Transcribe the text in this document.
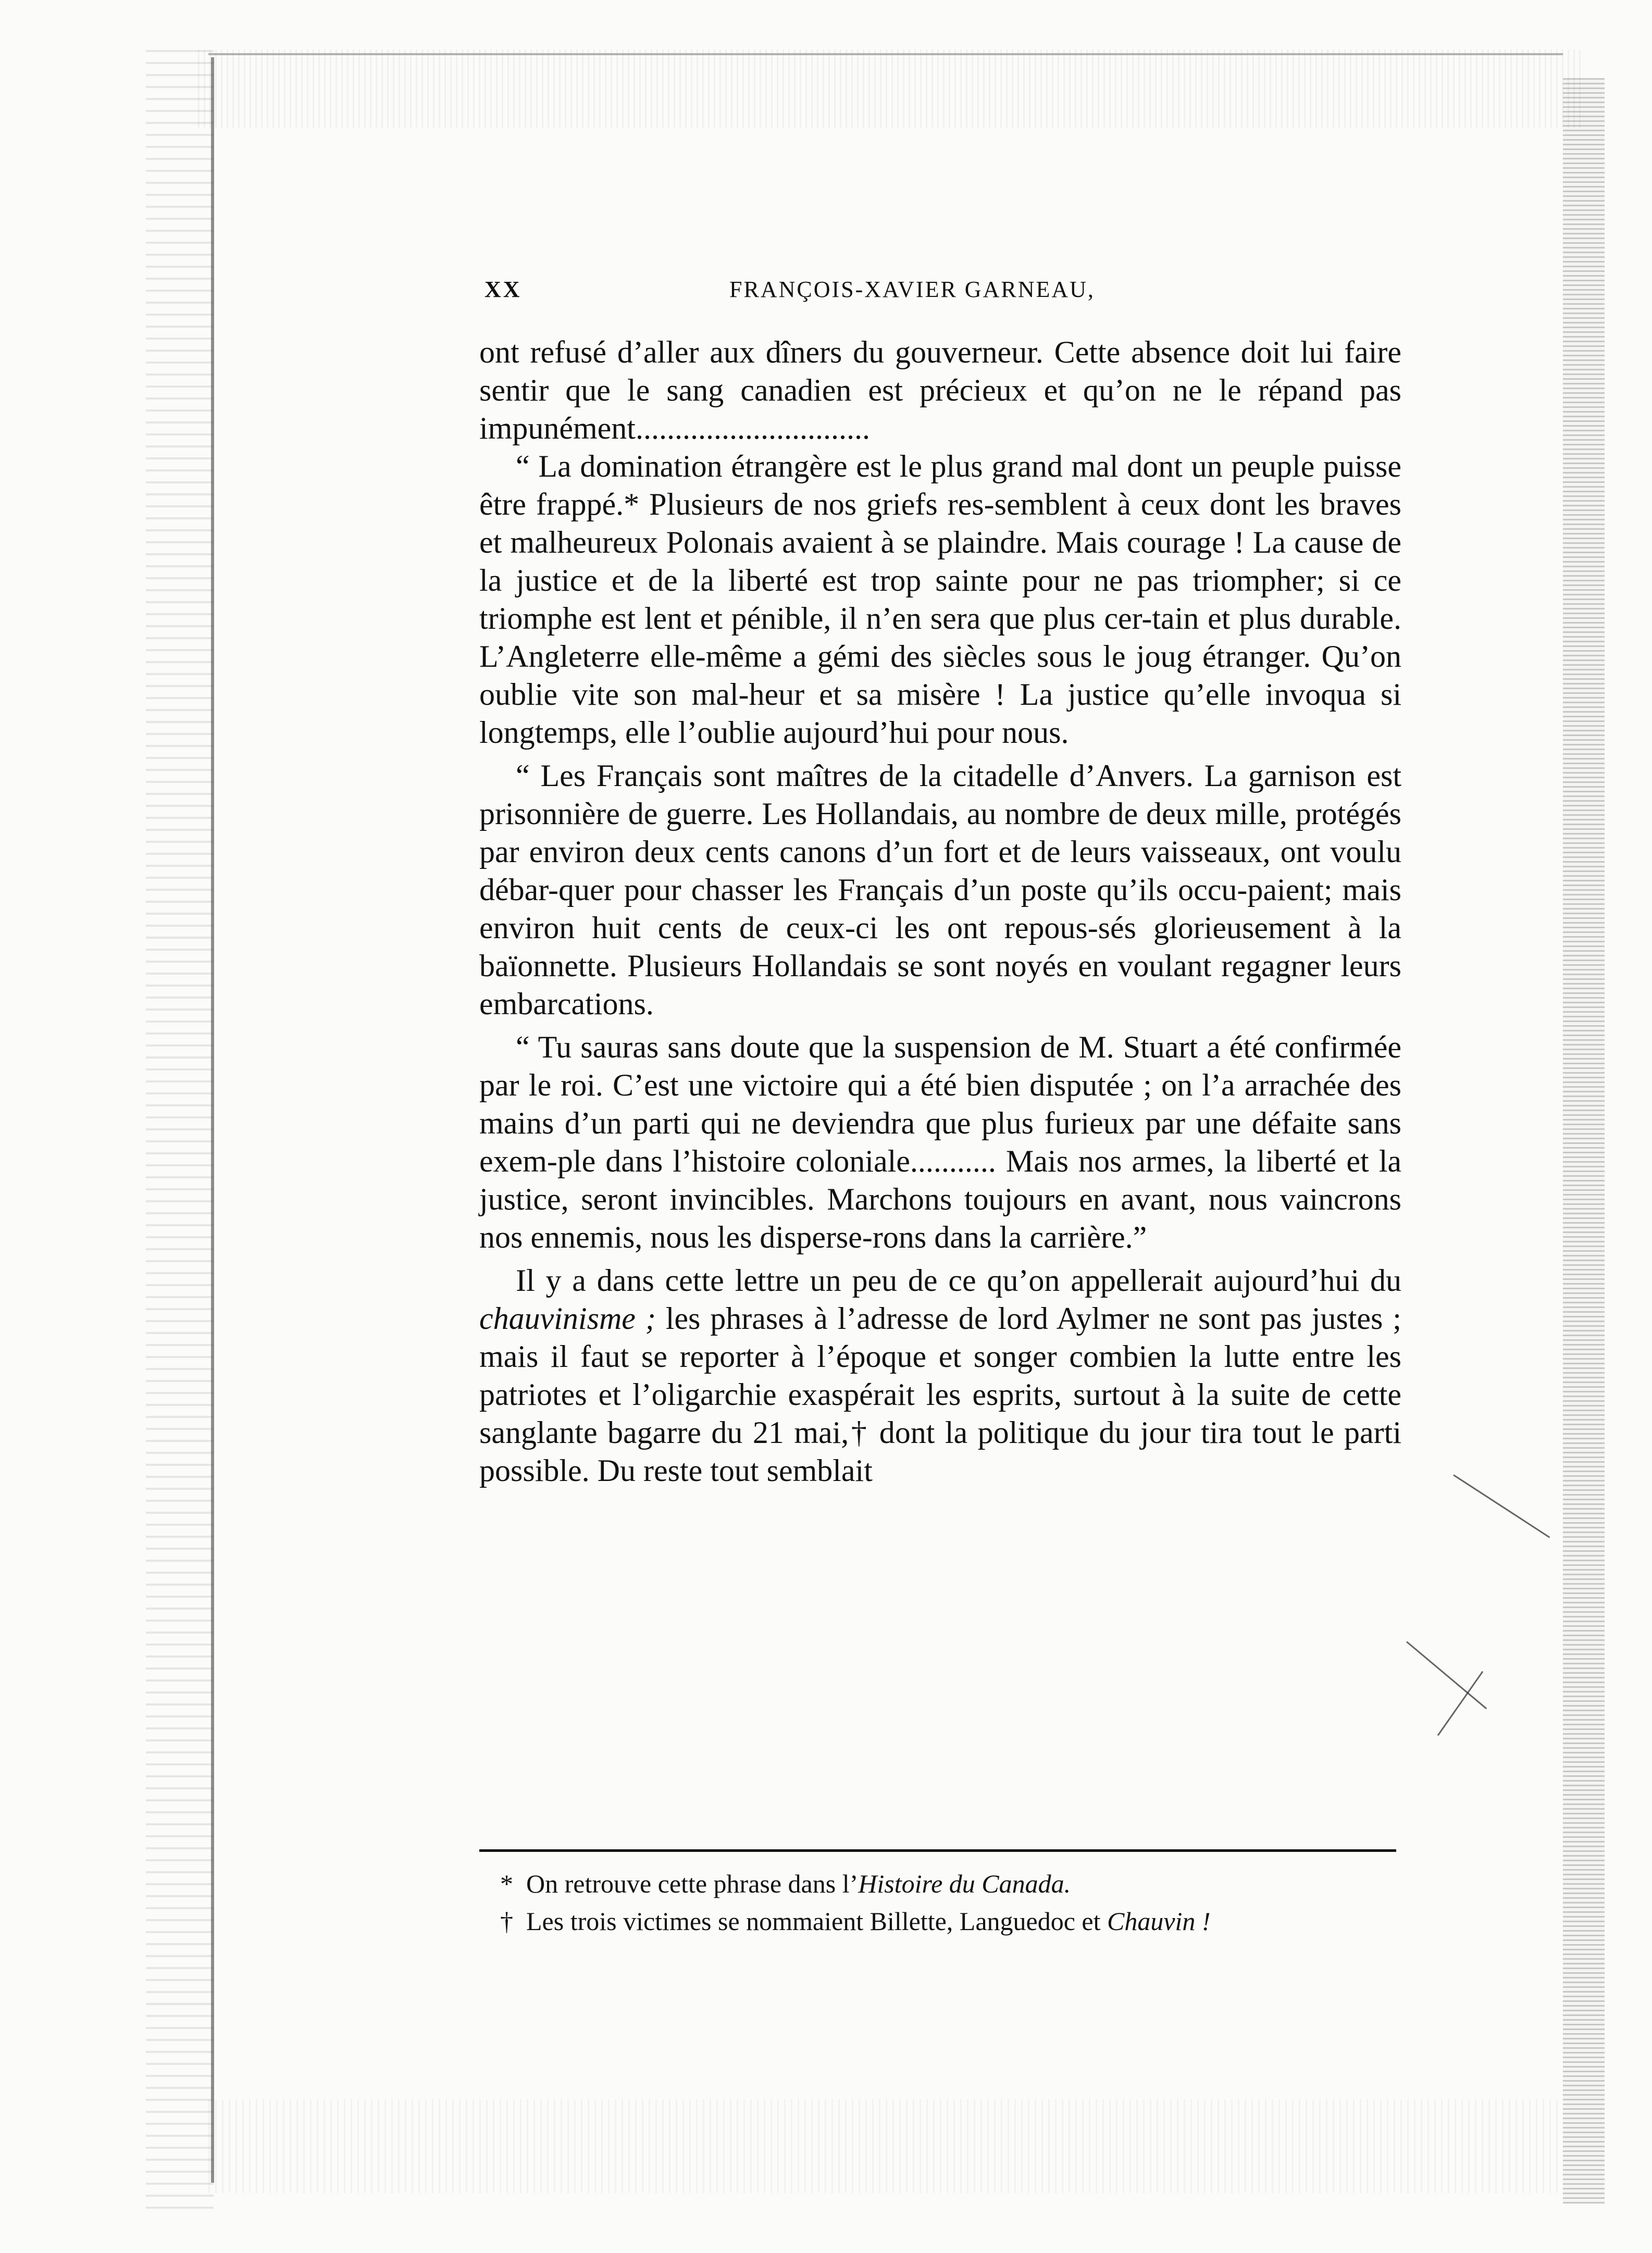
XX	FRANÇOIS-XAVIER GARNEAU,

ont refusé d’aller aux dîners du gouverneur. Cette absence doit lui faire sentir que le sang canadien est précieux et qu’on ne le répand pas impunément..............................

“ La domination étrangère est le plus grand mal dont un peuple puisse être frappé.* Plusieurs de nos griefs res-semblent à ceux dont les braves et malheureux Polonais avaient à se plaindre. Mais courage ! La cause de la justice et de la liberté est trop sainte pour ne pas triompher; si ce triomphe est lent et pénible, il n’en sera que plus cer-tain et plus durable. L’Angleterre elle-même a gémi des siècles sous le joug étranger. Qu’on oublie vite son mal-heur et sa misère ! La justice qu’elle invoqua si longtemps, elle l’oublie aujourd’hui pour nous.

“ Les Français sont maîtres de la citadelle d’Anvers. La garnison est prisonnière de guerre. Les Hollandais, au nombre de deux mille, protégés par environ deux cents canons d’un fort et de leurs vaisseaux, ont voulu débar-quer pour chasser les Français d’un poste qu’ils occu-paient; mais environ huit cents de ceux-ci les ont repous-sés glorieusement à la baïonnette. Plusieurs Hollandais se sont noyés en voulant regagner leurs embarcations.

“ Tu sauras sans doute que la suspension de M. Stuart a été confirmée par le roi. C’est une victoire qui a été bien disputée ; on l’a arrachée des mains d’un parti qui ne deviendra que plus furieux par une défaite sans exem-ple dans l’histoire coloniale........... Mais nos armes, la liberté et la justice, seront invincibles. Marchons toujours en avant, nous vaincrons nos ennemis, nous les disperse-rons dans la carrière.”

Il y a dans cette lettre un peu de ce qu’on appellerait aujourd’hui du chauvinisme ; les phrases à l’adresse de lord Aylmer ne sont pas justes ; mais il faut se reporter à l’époque et songer combien la lutte entre les patriotes et l’oligarchie exaspérait les esprits, surtout à la suite de cette sanglante bagarre du 21 mai,† dont la politique du jour tira tout le parti possible. Du reste tout semblait

* On retrouve cette phrase dans l’Histoire du Canada.
† Les trois victimes se nommaient Billette, Languedoc et Chauvin !
